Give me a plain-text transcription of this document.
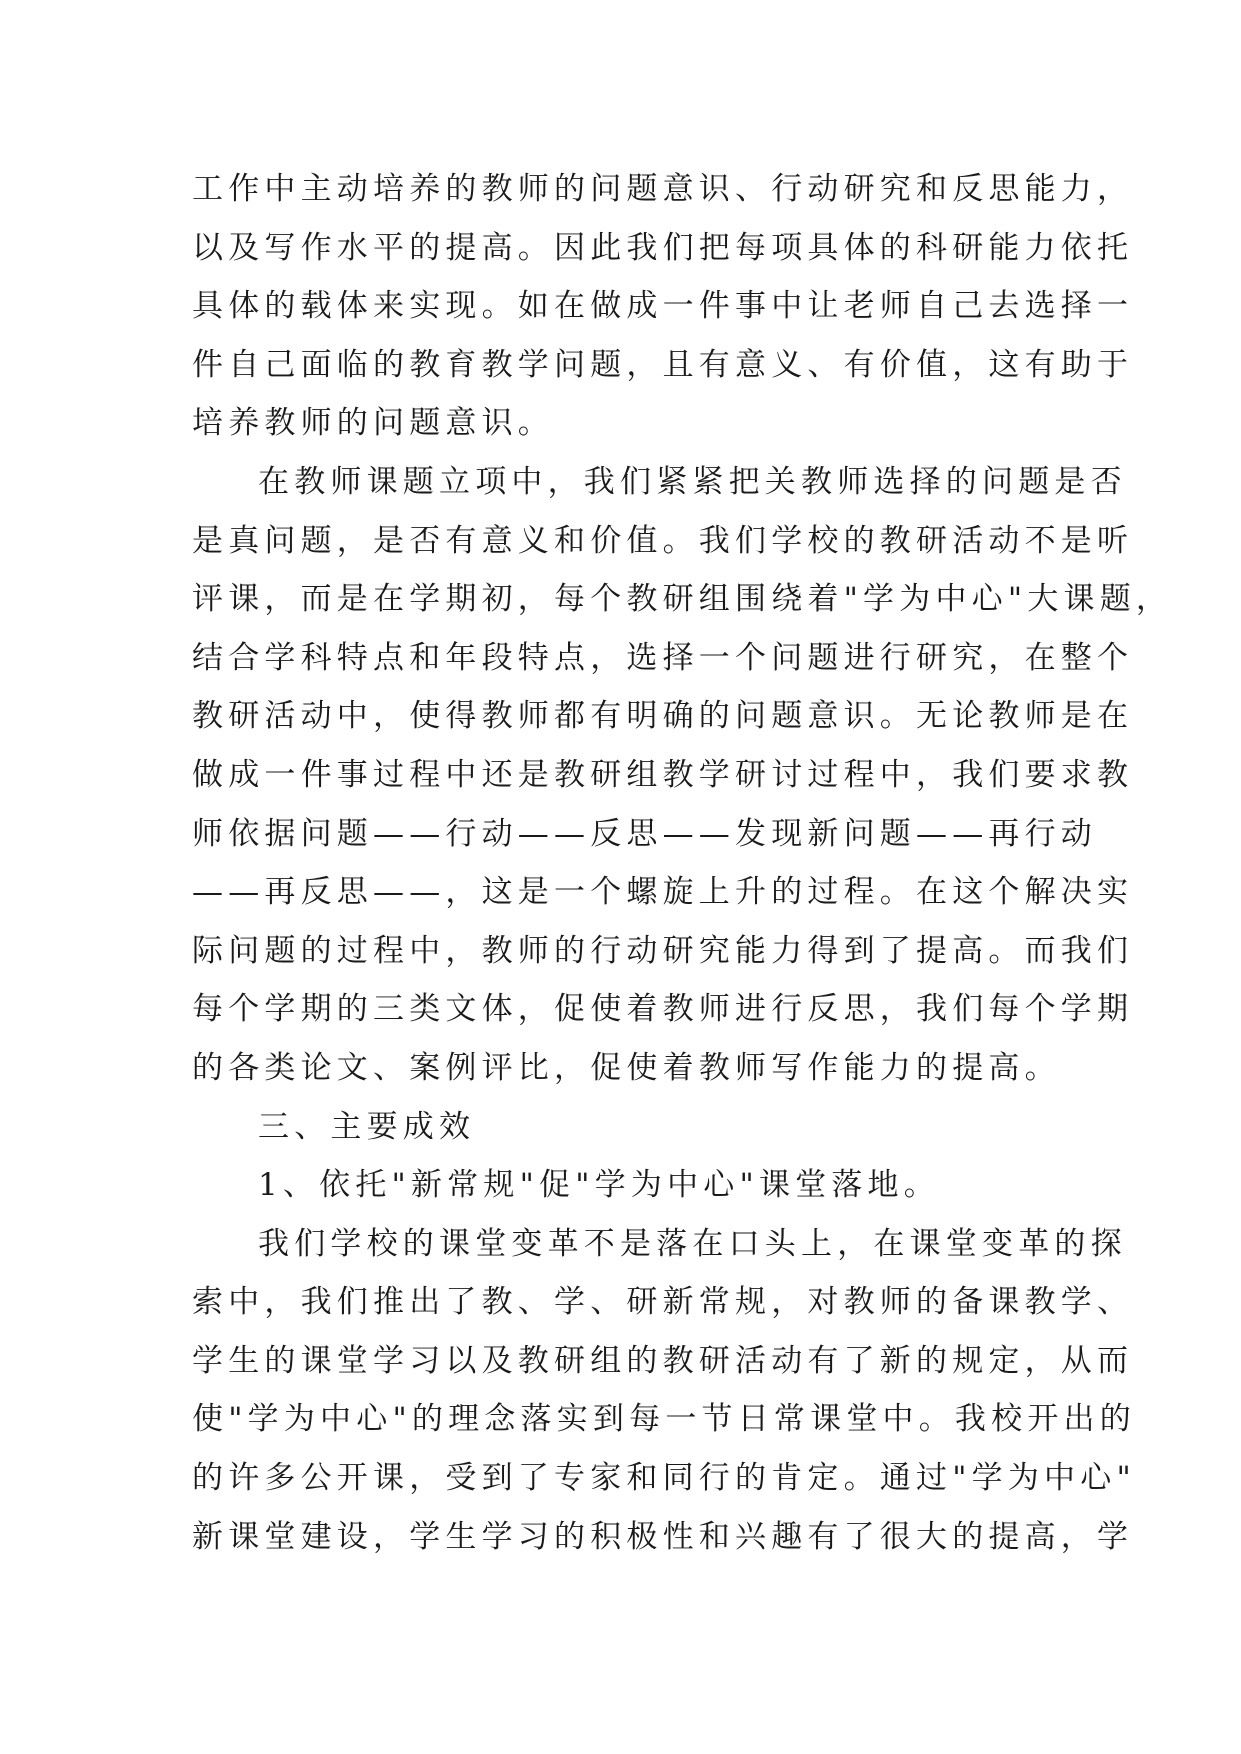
工作中主动培养的教师的问题意识、行动研究和反思能力，
以及写作水平的提高。因此我们把每项具体的科研能力依托
具体的载体来实现。如在做成一件事中让老师自己去选择一
件自己面临的教育教学问题，且有意义、有价值，这有助于
培养教师的问题意识。
在教师课题立项中，我们紧紧把关教师选择的问题是否
是真问题，是否有意义和价值。我们学校的教研活动不是听
评课，而是在学期初，每个教研组围绕着"学为中心"大课题，
结合学科特点和年段特点，选择一个问题进行研究，在整个
教研活动中，使得教师都有明确的问题意识。无论教师是在
做成一件事过程中还是教研组教学研讨过程中，我们要求教
师依据问题——行动——反思——发现新问题——再行动
——再反思——，这是一个螺旋上升的过程。在这个解决实
际问题的过程中，教师的行动研究能力得到了提高。而我们
每个学期的三类文体，促使着教师进行反思，我们每个学期
的各类论文、案例评比，促使着教师写作能力的提高。
三、主要成效
1、依托"新常规"促"学为中心"课堂落地。
我们学校的课堂变革不是落在口头上，在课堂变革的探
索中，我们推出了教、学、研新常规，对教师的备课教学、
学生的课堂学习以及教研组的教研活动有了新的规定，从而
使"学为中心"的理念落实到每一节日常课堂中。我校开出的
的许多公开课，受到了专家和同行的肯定。通过"学为中心"
新课堂建设，学生学习的积极性和兴趣有了很大的提高，学
